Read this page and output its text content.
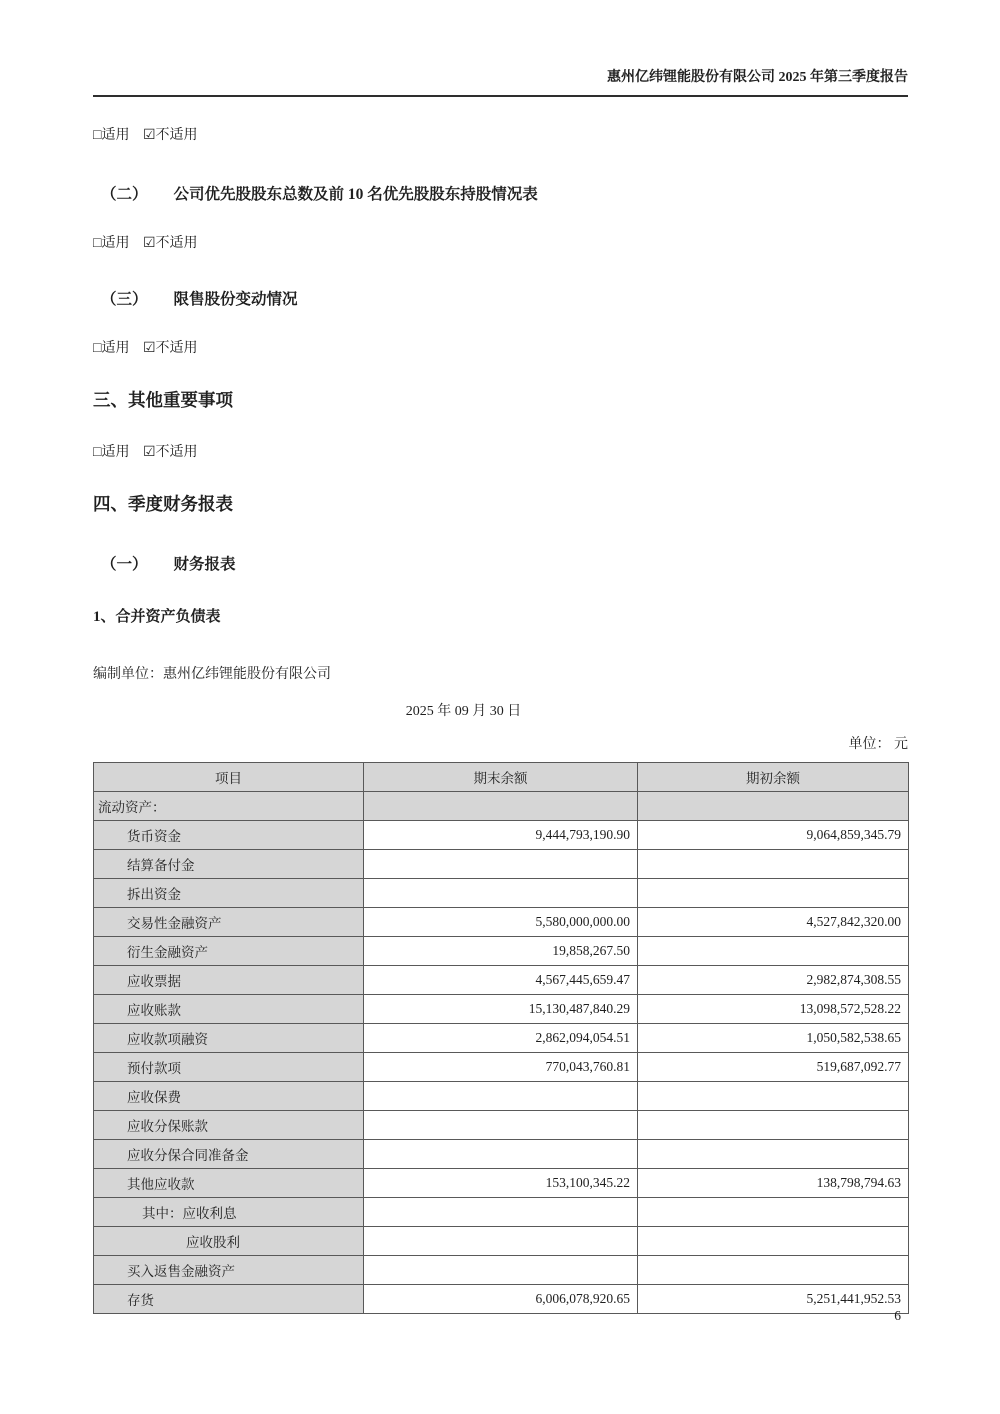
惠州亿纬锂能股份有限公司 2025 年第三季度报告
□适用 ☑不适用
（二） 公司优先股股东总数及前 10 名优先股股东持股情况表
□适用 ☑不适用
（三） 限售股份变动情况
□适用 ☑不适用
三、其他重要事项
□适用 ☑不适用
四、季度财务报表
（一） 财务报表
1、合并资产负债表
编制单位：惠州亿纬锂能股份有限公司
2025 年 09 月 30 日
单位： 元
项目	期末余额	期初余额
流动资产：		
货币资金	9,444,793,190.90	9,064,859,345.79
结算备付金		
拆出资金		
交易性金融资产	5,580,000,000.00	4,527,842,320.00
衍生金融资产	19,858,267.50	
应收票据	4,567,445,659.47	2,982,874,308.55
应收账款	15,130,487,840.29	13,098,572,528.22
应收款项融资	2,862,094,054.51	1,050,582,538.65
预付款项	770,043,760.81	519,687,092.77
应收保费		
应收分保账款		
应收分保合同准备金		
其他应收款	153,100,345.22	138,798,794.63
其中：应收利息		
应收股利		
买入返售金融资产		
存货	6,006,078,920.65	5,251,441,952.53
6
